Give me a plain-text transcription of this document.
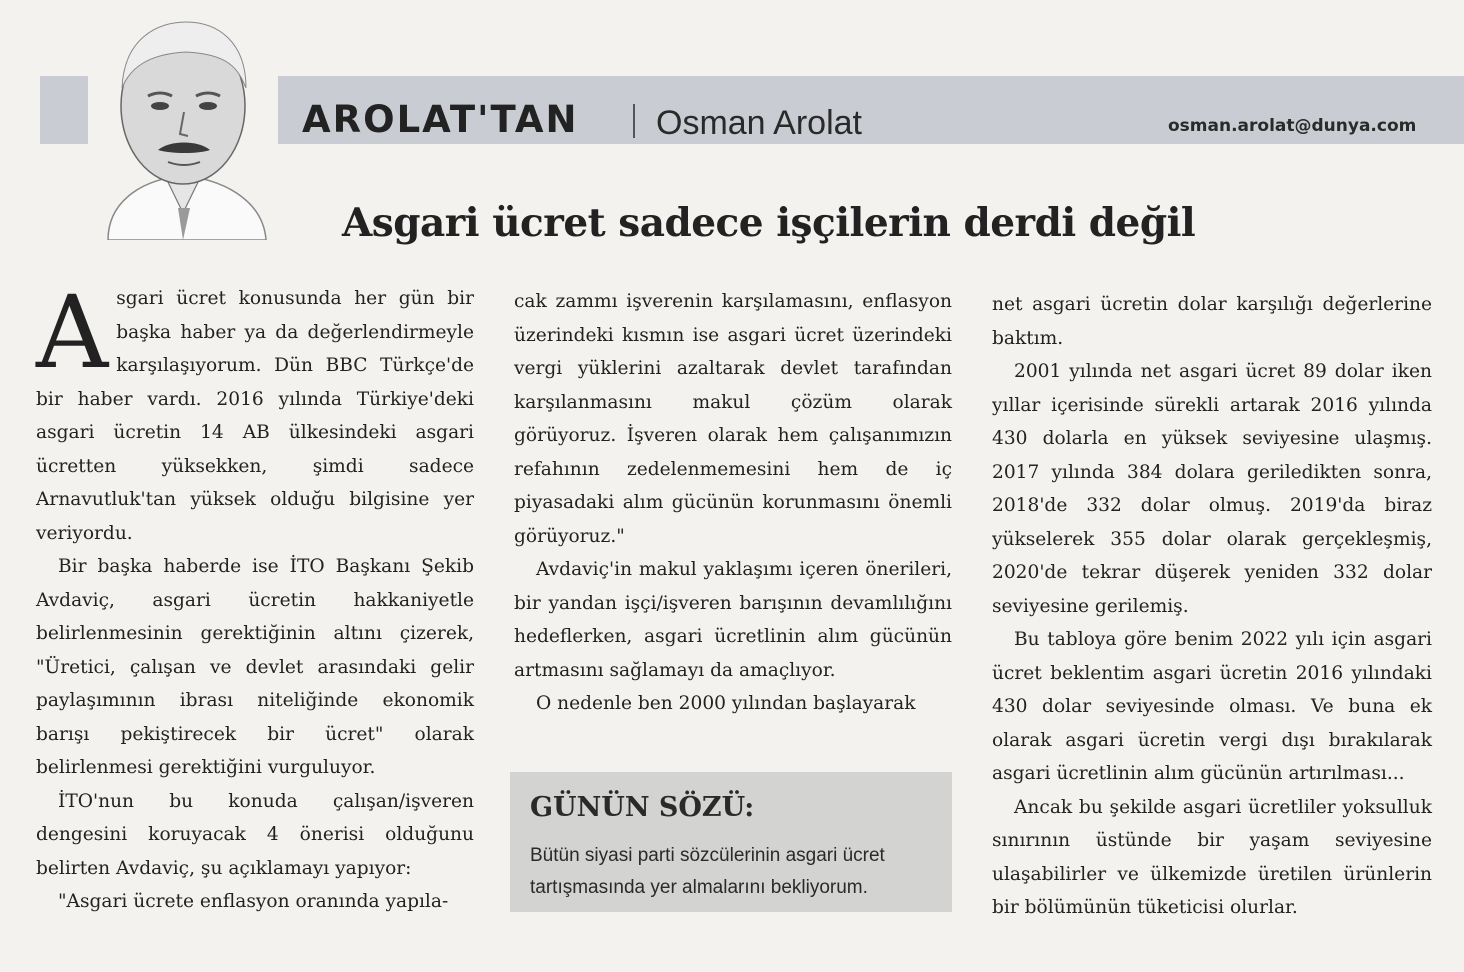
AROLAT'TAN Osman Arolat	osman.arolat@dunya.com
Asgari ücret sadece işçilerin derdi değil

Asgari ücret konusunda her gün bir başka haber ya da değerlendirmeyle karşılaşıyorum. Dün BBC Türkçe'de bir haber vardı. 2016 yılında Türkiye'deki asgari ücretin 14 AB ülkesindeki asgari ücretten yüksekken, şimdi sadece Arnavutluk'tan yüksek olduğu bilgisine yer veriyordu.

Bir başka haberde ise İTO Başkanı Şekib Avdaviç, asgari ücretin hakkaniyetle belirlenmesinin gerektiğinin altını çizerek, "Üretici, çalışan ve devlet arasındaki gelir paylaşımının ibrası niteliğinde ekonomik barışı pekiştirecek bir ücret" olarak belirlenmesi gerektiğini vurguluyor.

İTO'nun bu konuda çalışan/işveren dengesini koruyacak 4 önerisi olduğunu belirten Avdaviç, şu açıklamayı yapıyor:

"Asgari ücrete enflasyon oranında yapıla-

cak zammı işverenin karşılamasını, enflasyon üzerindeki kısmın ise asgari ücret üzerindeki vergi yüklerini azaltarak devlet tarafından karşılanmasını makul çözüm olarak görüyoruz. İşveren olarak hem çalışanımızın refahının zedelenmemesini hem de iç piyasadaki alım gücünün korunmasını önemli görüyoruz."

Avdaviç'in makul yaklaşımı içeren önerileri, bir yandan işçi/işveren barışının devamlılığını hedeflerken, asgari ücretlinin alım gücünün artmasını sağlamayı da amaçlıyor.

O nedenle ben 2000 yılından başlayarak

GÜNÜN SÖZÜ:
Bütün siyasi parti sözcülerinin asgari ücret tartışmasında yer almalarını bekliyorum.

net asgari ücretin dolar karşılığı değerlerine baktım.

2001 yılında net asgari ücret 89 dolar iken yıllar içerisinde sürekli artarak 2016 yılında 430 dolarla en yüksek seviyesine ulaşmış. 2017 yılında 384 dolara geriledikten sonra, 2018'de 332 dolar olmuş. 2019'da biraz yükselerek 355 dolar olarak gerçekleşmiş, 2020'de tekrar düşerek yeniden 332 dolar seviyesine gerilemiş.

Bu tabloya göre benim 2022 yılı için asgari ücret beklentim asgari ücretin 2016 yılındaki 430 dolar seviyesinde olması. Ve buna ek olarak asgari ücretin vergi dışı bırakılarak asgari ücretlinin alım gücünün artırılması...

Ancak bu şekilde asgari ücretliler yoksulluk sınırının üstünde bir yaşam seviyesine ulaşabilirler ve ülkemizde üretilen ürünlerin bir bölümünün tüketicisi olurlar.
